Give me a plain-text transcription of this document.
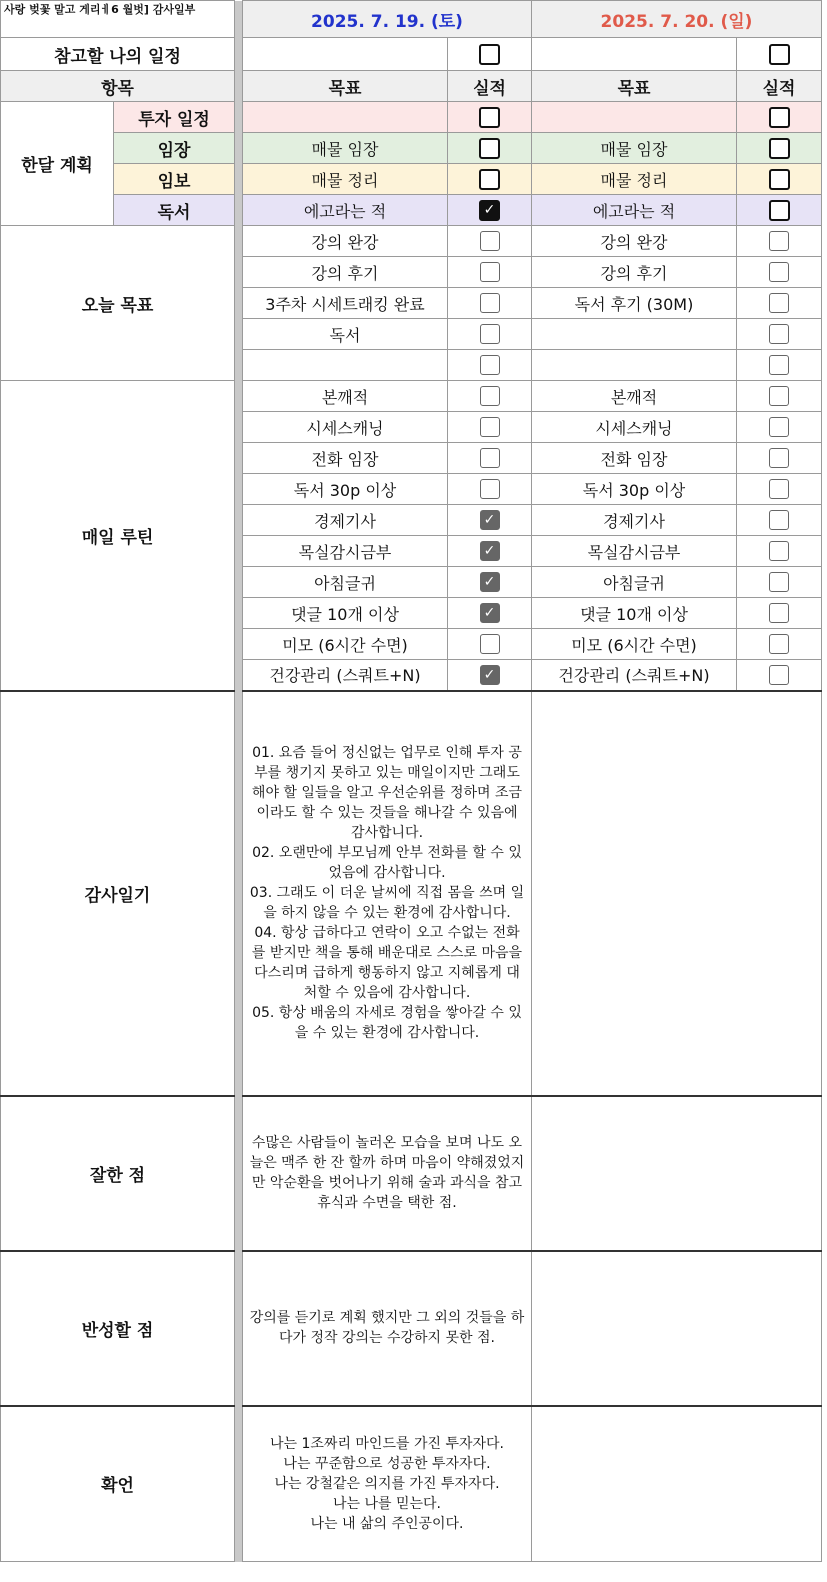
사랑 벚꽃 말고 게리ㅔ6 월벗] 감사일부			2025. 7. 19. (토)		2025. 7. 20. (일)	
참고할 나의 일정						
항목			목표	실적	목표	실적
한달 계획	투자 일정					
	임장		매물 임장		매물 임장	
	임보		매물 정리		매물 정리	
	독서		에고라는 적	✓	에고라는 적	
오늘 목표			강의 완강		강의 완강	
			강의 후기		강의 후기	
			3주차 시세트래킹 완료		독서 후기 (30M)	
			독서			

매일 루틴			본깨적		본깨적	
			시세스캐닝		시세스캐닝	
			전화 임장		전화 임장	
			독서 30p 이상		독서 30p 이상	
			경제기사	✓	경제기사	
			목실감시금부	✓	목실감시금부	
			아침글귀	✓	아침글귀	
			댓글 10개 이상	✓	댓글 10개 이상	
			미모 (6시간 수면)		미모 (6시간 수면)	
			건강관리 (스쿼트+N)	✓	건강관리 (스쿼트+N)	
감사일기			01. 요즘 들어 정신없는 업무로 인해 투자 공부를 챙기지 못하고 있는 매일이지만 그래도 해야 할 일들을 알고 우선순위를 정하며 조금이라도 할 수 있는 것들을 해나갈 수 있음에 감사합니다.
02. 오랜만에 부모님께 안부 전화를 할 수 있었음에 감사합니다.
03. 그래도 이 더운 날씨에 직접 몸을 쓰며 일을 하지 않을 수 있는 환경에 감사합니다.
04. 항상 급하다고 연락이 오고 수없는 전화를 받지만 책을 통해 배운대로 스스로 마음을 다스리며 급하게 행동하지 않고 지혜롭게 대처할 수 있음에 감사합니다.
05. 항상 배움의 자세로 경험을 쌓아갈 수 있을 수 있는 환경에 감사합니다.			
잘한 점			수많은 사람들이 놀러온 모습을 보며 나도 오늘은 맥주 한 잔 할까 하며 마음이 약해졌었지만 악순환을 벗어나기 위해 술과 과식을 참고 휴식과 수면을 택한 점.			
반성할 점			강의를 듣기로 계획 했지만 그 외의 것들을 하다가 정작 강의는 수강하지 못한 점.			
확언			나는 1조짜리 마인드를 가진 투자자다.
나는 꾸준함으로 성공한 투자자다.
나는 강철같은 의지를 가진 투자자다.
나는 나를 믿는다.
나는 내 삶의 주인공이다.			
